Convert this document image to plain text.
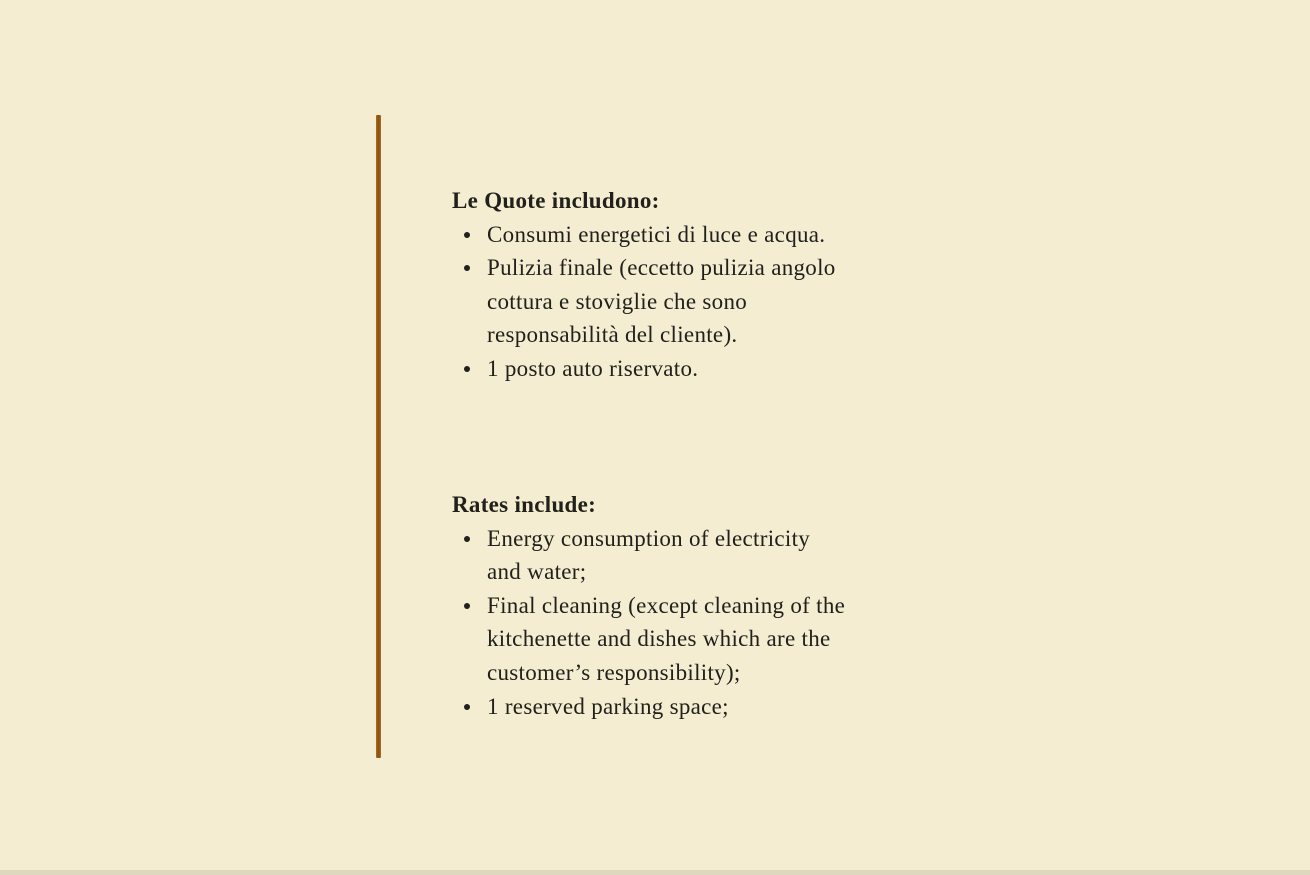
Le Quote includono:
Consumi energetici di luce e acqua.
Pulizia finale (eccetto pulizia angolo
cottura e stoviglie che sono
responsabilità del cliente).
1 posto auto riservato.
Rates include:
Energy consumption of electricity
and water;
Final cleaning (except cleaning of the
kitchenette and dishes which are the
customer’s responsibility);
1 reserved parking space;
